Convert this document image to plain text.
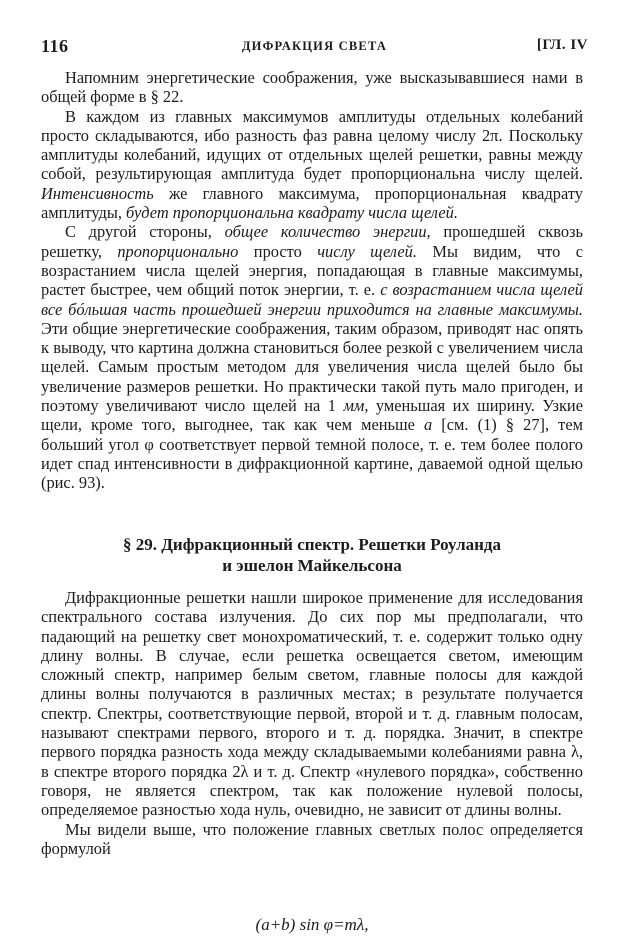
116	ДИФРАКЦИЯ СВЕТА	[ГЛ. IV

Напомним энергетические соображения, уже высказывавшиеся нами в общей форме в § 22.

В каждом из главных максимумов амплитуды отдельных колебаний просто складываются, ибо разность фаз равна целому числу 2π. Поскольку амплитуды колебаний, идущих от отдельных щелей решетки, равны между собой, результирующая амплитуда будет пропорциональна числу щелей. Интенсивность же главного максимума, пропорциональная квадрату амплитуды, будет пропорциональна квадрату числа щелей.

С другой стороны, общее количество энергии, прошедшей сквозь решетку, пропорционально просто числу щелей. Мы видим, что с возрастанием числа щелей энергия, попадающая в главные максимумы, растет быстрее, чем общий поток энергии, т. е. с возрастанием числа щелей все бóльшая часть прошедшей энергии приходится на главные максимумы. Эти общие энергетические соображения, таким образом, приводят нас опять к выводу, что картина должна становиться более резкой с увеличением числа щелей. Самым простым методом для увеличения числа щелей было бы увеличение размеров решетки. Но практически такой путь мало пригоден, и поэтому увеличивают число щелей на 1 мм, уменьшая их ширину. Узкие щели, кроме того, выгоднее, так как чем меньше a [см. (1) § 27], тем больший угол φ соответствует первой темной полосе, т. е. тем более полого идет спад интенсивности в дифракционной картине, даваемой одной щелью (рис. 93).

§ 29. Дифракционный спектр. Решетки Роуланда
и эшелон Майкельсона

Дифракционные решетки нашли широкое применение для исследования спектрального состава излучения. До сих пор мы предполагали, что падающий на решетку свет монохроматический, т. е. содержит только одну длину волны. В случае, если решетка освещается светом, имеющим сложный спектр, например белым светом, главные полосы для каждой длины волны получаются в различных местах; в результате получается спектр. Спектры, соответствующие первой, второй и т. д. главным полосам, называют спектрами первого, второго и т. д. порядка. Значит, в спектре первого порядка разность хода между складываемыми колебаниями равна λ, в спектре второго порядка 2λ и т. д. Спектр «нулевого порядка», собственно говоря, не является спектром, так как положение нулевой полосы, определяемое разностью хода нуль, очевидно, не зависит от длины волны.

Мы видели выше, что положение главных светлых полос определяется формулой

(a+b) sin φ=mλ,
